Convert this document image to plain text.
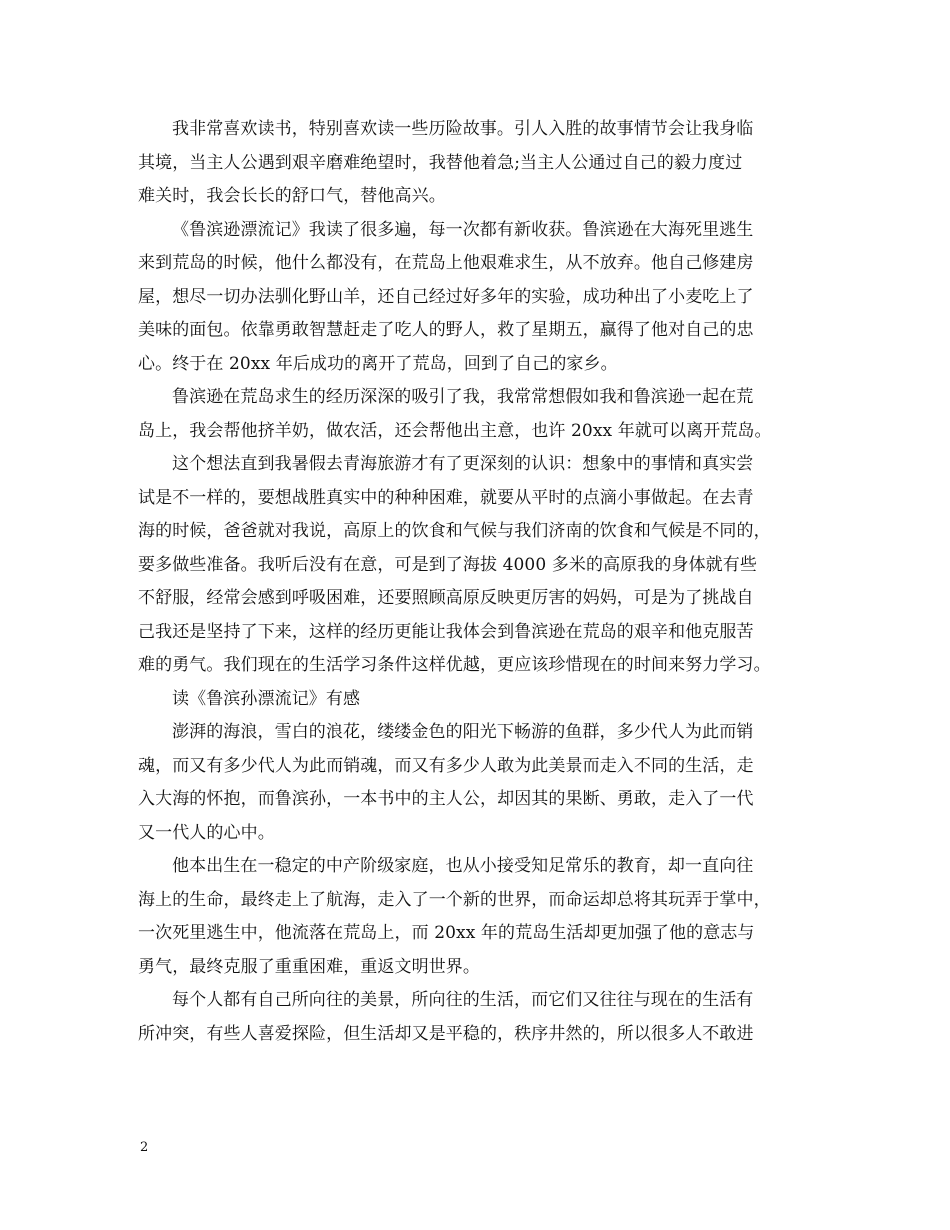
我非常喜欢读书，特别喜欢读一些历险故事。引人入胜的故事情节会让我身临
其境，当主人公遇到艰辛磨难绝望时，我替他着急;当主人公通过自己的毅力度过
难关时，我会长长的舒口气，替他高兴。
《鲁滨逊漂流记》我读了很多遍，每一次都有新收获。鲁滨逊在大海死里逃生
来到荒岛的时候，他什么都没有，在荒岛上他艰难求生，从不放弃。他自己修建房
屋，想尽一切办法驯化野山羊，还自己经过好多年的实验，成功种出了小麦吃上了
美味的面包。依靠勇敢智慧赶走了吃人的野人，救了星期五，赢得了他对自己的忠
心。终于在 20xx 年后成功的离开了荒岛，回到了自己的家乡。
鲁滨逊在荒岛求生的经历深深的吸引了我，我常常想假如我和鲁滨逊一起在荒
岛上，我会帮他挤羊奶，做农活，还会帮他出主意，也许 20xx 年就可以离开荒岛。
这个想法直到我暑假去青海旅游才有了更深刻的认识：想象中的事情和真实尝
试是不一样的，要想战胜真实中的种种困难，就要从平时的点滴小事做起。在去青
海的时候，爸爸就对我说，高原上的饮食和气候与我们济南的饮食和气候是不同的，
要多做些准备。我听后没有在意，可是到了海拔 4000 多米的高原我的身体就有些
不舒服，经常会感到呼吸困难，还要照顾高原反映更厉害的妈妈，可是为了挑战自
己我还是坚持了下来，这样的经历更能让我体会到鲁滨逊在荒岛的艰辛和他克服苦
难的勇气。我们现在的生活学习条件这样优越，更应该珍惜现在的时间来努力学习。
读《鲁滨孙漂流记》有感
澎湃的海浪，雪白的浪花，缕缕金色的阳光下畅游的鱼群，多少代人为此而销
魂，而又有多少代人为此而销魂，而又有多少人敢为此美景而走入不同的生活，走
入大海的怀抱，而鲁滨孙，一本书中的主人公，却因其的果断、勇敢，走入了一代
又一代人的心中。
他本出生在一稳定的中产阶级家庭，也从小接受知足常乐的教育，却一直向往
海上的生命，最终走上了航海，走入了一个新的世界，而命运却总将其玩弄于掌中，
一次死里逃生中，他流落在荒岛上，而 20xx 年的荒岛生活却更加强了他的意志与
勇气，最终克服了重重困难，重返文明世界。
每个人都有自己所向往的美景，所向往的生活，而它们又往往与现在的生活有
所冲突，有些人喜爱探险，但生活却又是平稳的，秩序井然的，所以很多人不敢进
2
